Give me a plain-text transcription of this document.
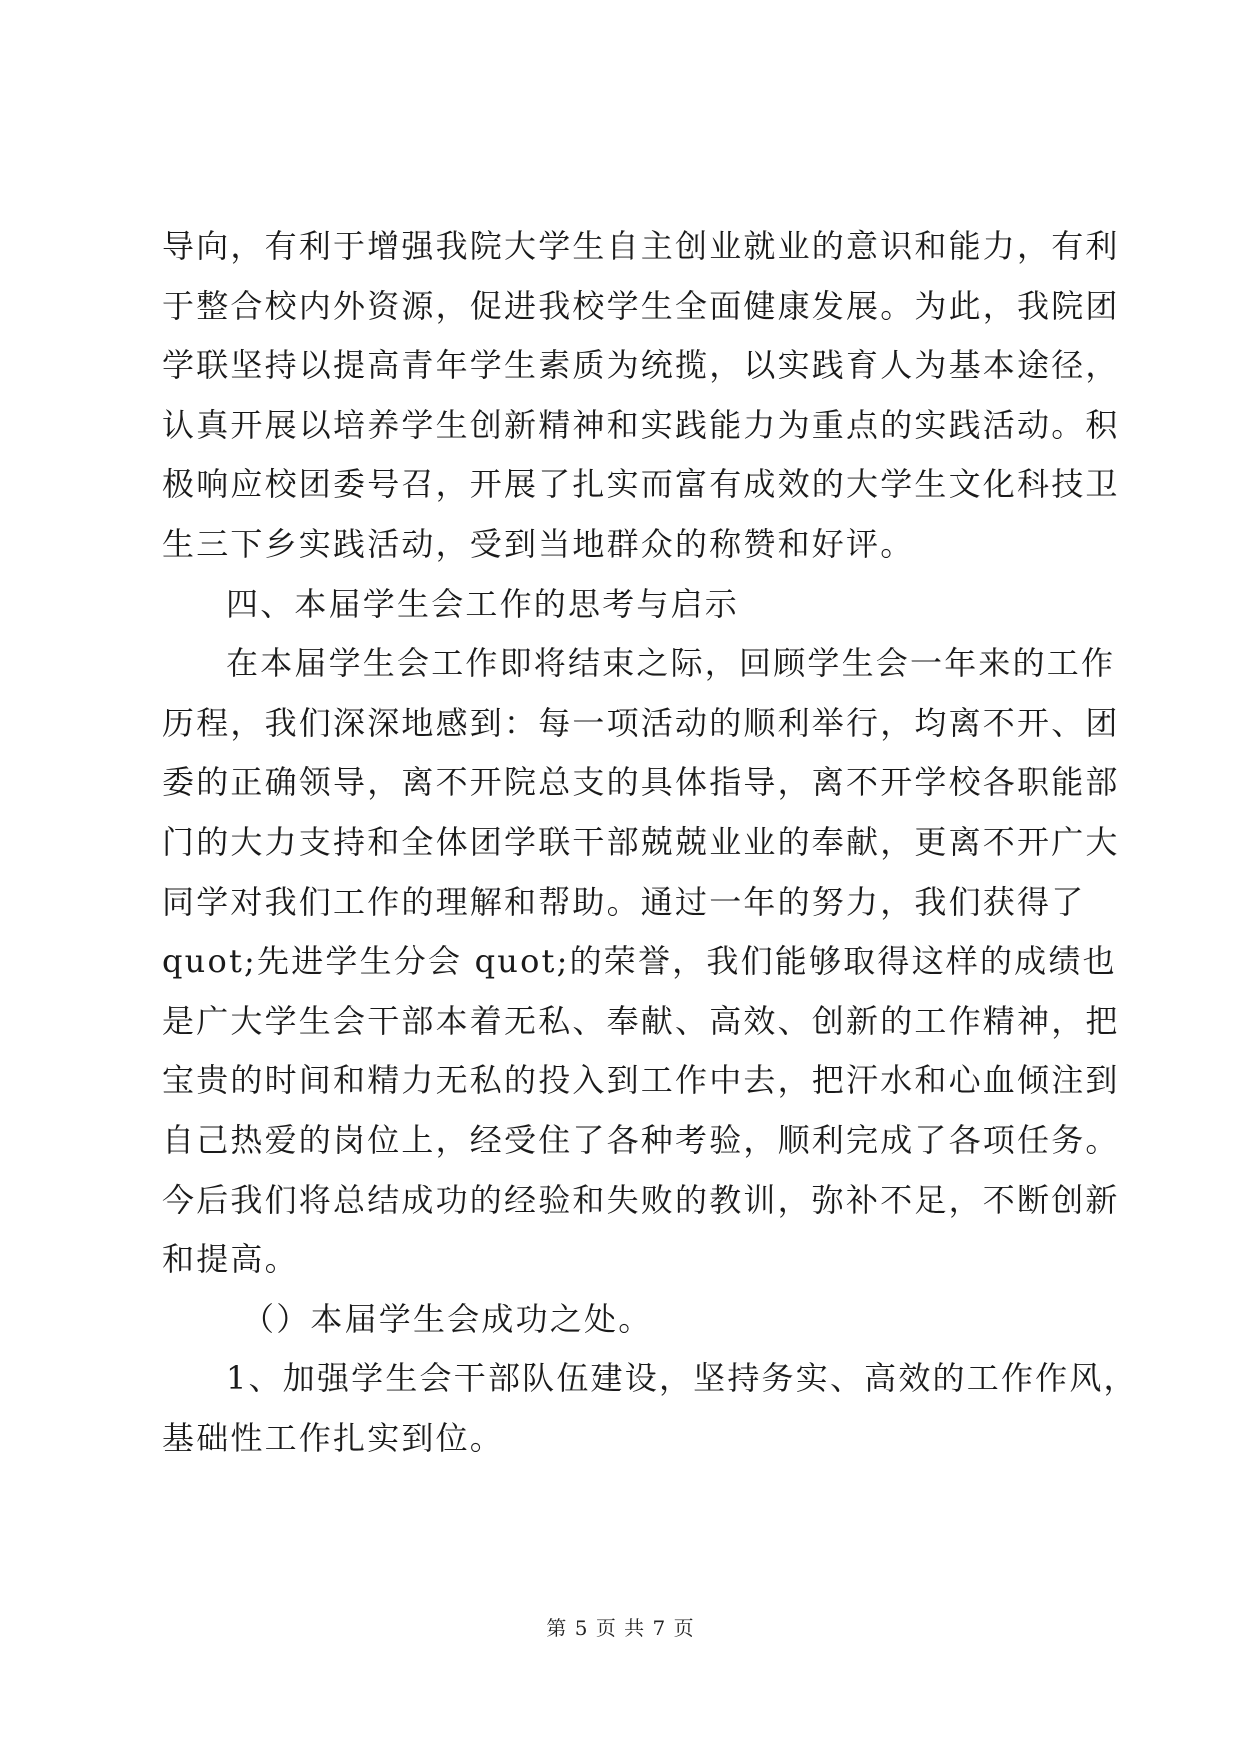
导向，有利于增强我院大学生自主创业就业的意识和能力，有利
于整合校内外资源，促进我校学生全面健康发展。为此，我院团
学联坚持以提高青年学生素质为统揽，以实践育人为基本途径，
认真开展以培养学生创新精神和实践能力为重点的实践活动。积
极响应校团委号召，开展了扎实而富有成效的大学生文化科技卫
生三下乡实践活动，受到当地群众的称赞和好评。
四、本届学生会工作的思考与启示
在本届学生会工作即将结束之际，回顾学生会一年来的工作
历程，我们深深地感到：每一项活动的顺利举行，均离不开、团
委的正确领导，离不开院总支的具体指导，离不开学校各职能部
门的大力支持和全体团学联干部兢兢业业的奉献，更离不开广大
同学对我们工作的理解和帮助。通过一年的努力，我们获得了
quot;先进学生分会 quot;的荣誉，我们能够取得这样的成绩也
是广大学生会干部本着无私、奉献、高效、创新的工作精神，把
宝贵的时间和精力无私的投入到工作中去，把汗水和心血倾注到
自己热爱的岗位上，经受住了各种考验，顺利完成了各项任务。
今后我们将总结成功的经验和失败的教训，弥补不足，不断创新
和提高。
（）本届学生会成功之处。
1、加强学生会干部队伍建设，坚持务实、高效的工作作风，
基础性工作扎实到位。
第 5 页 共 7 页
